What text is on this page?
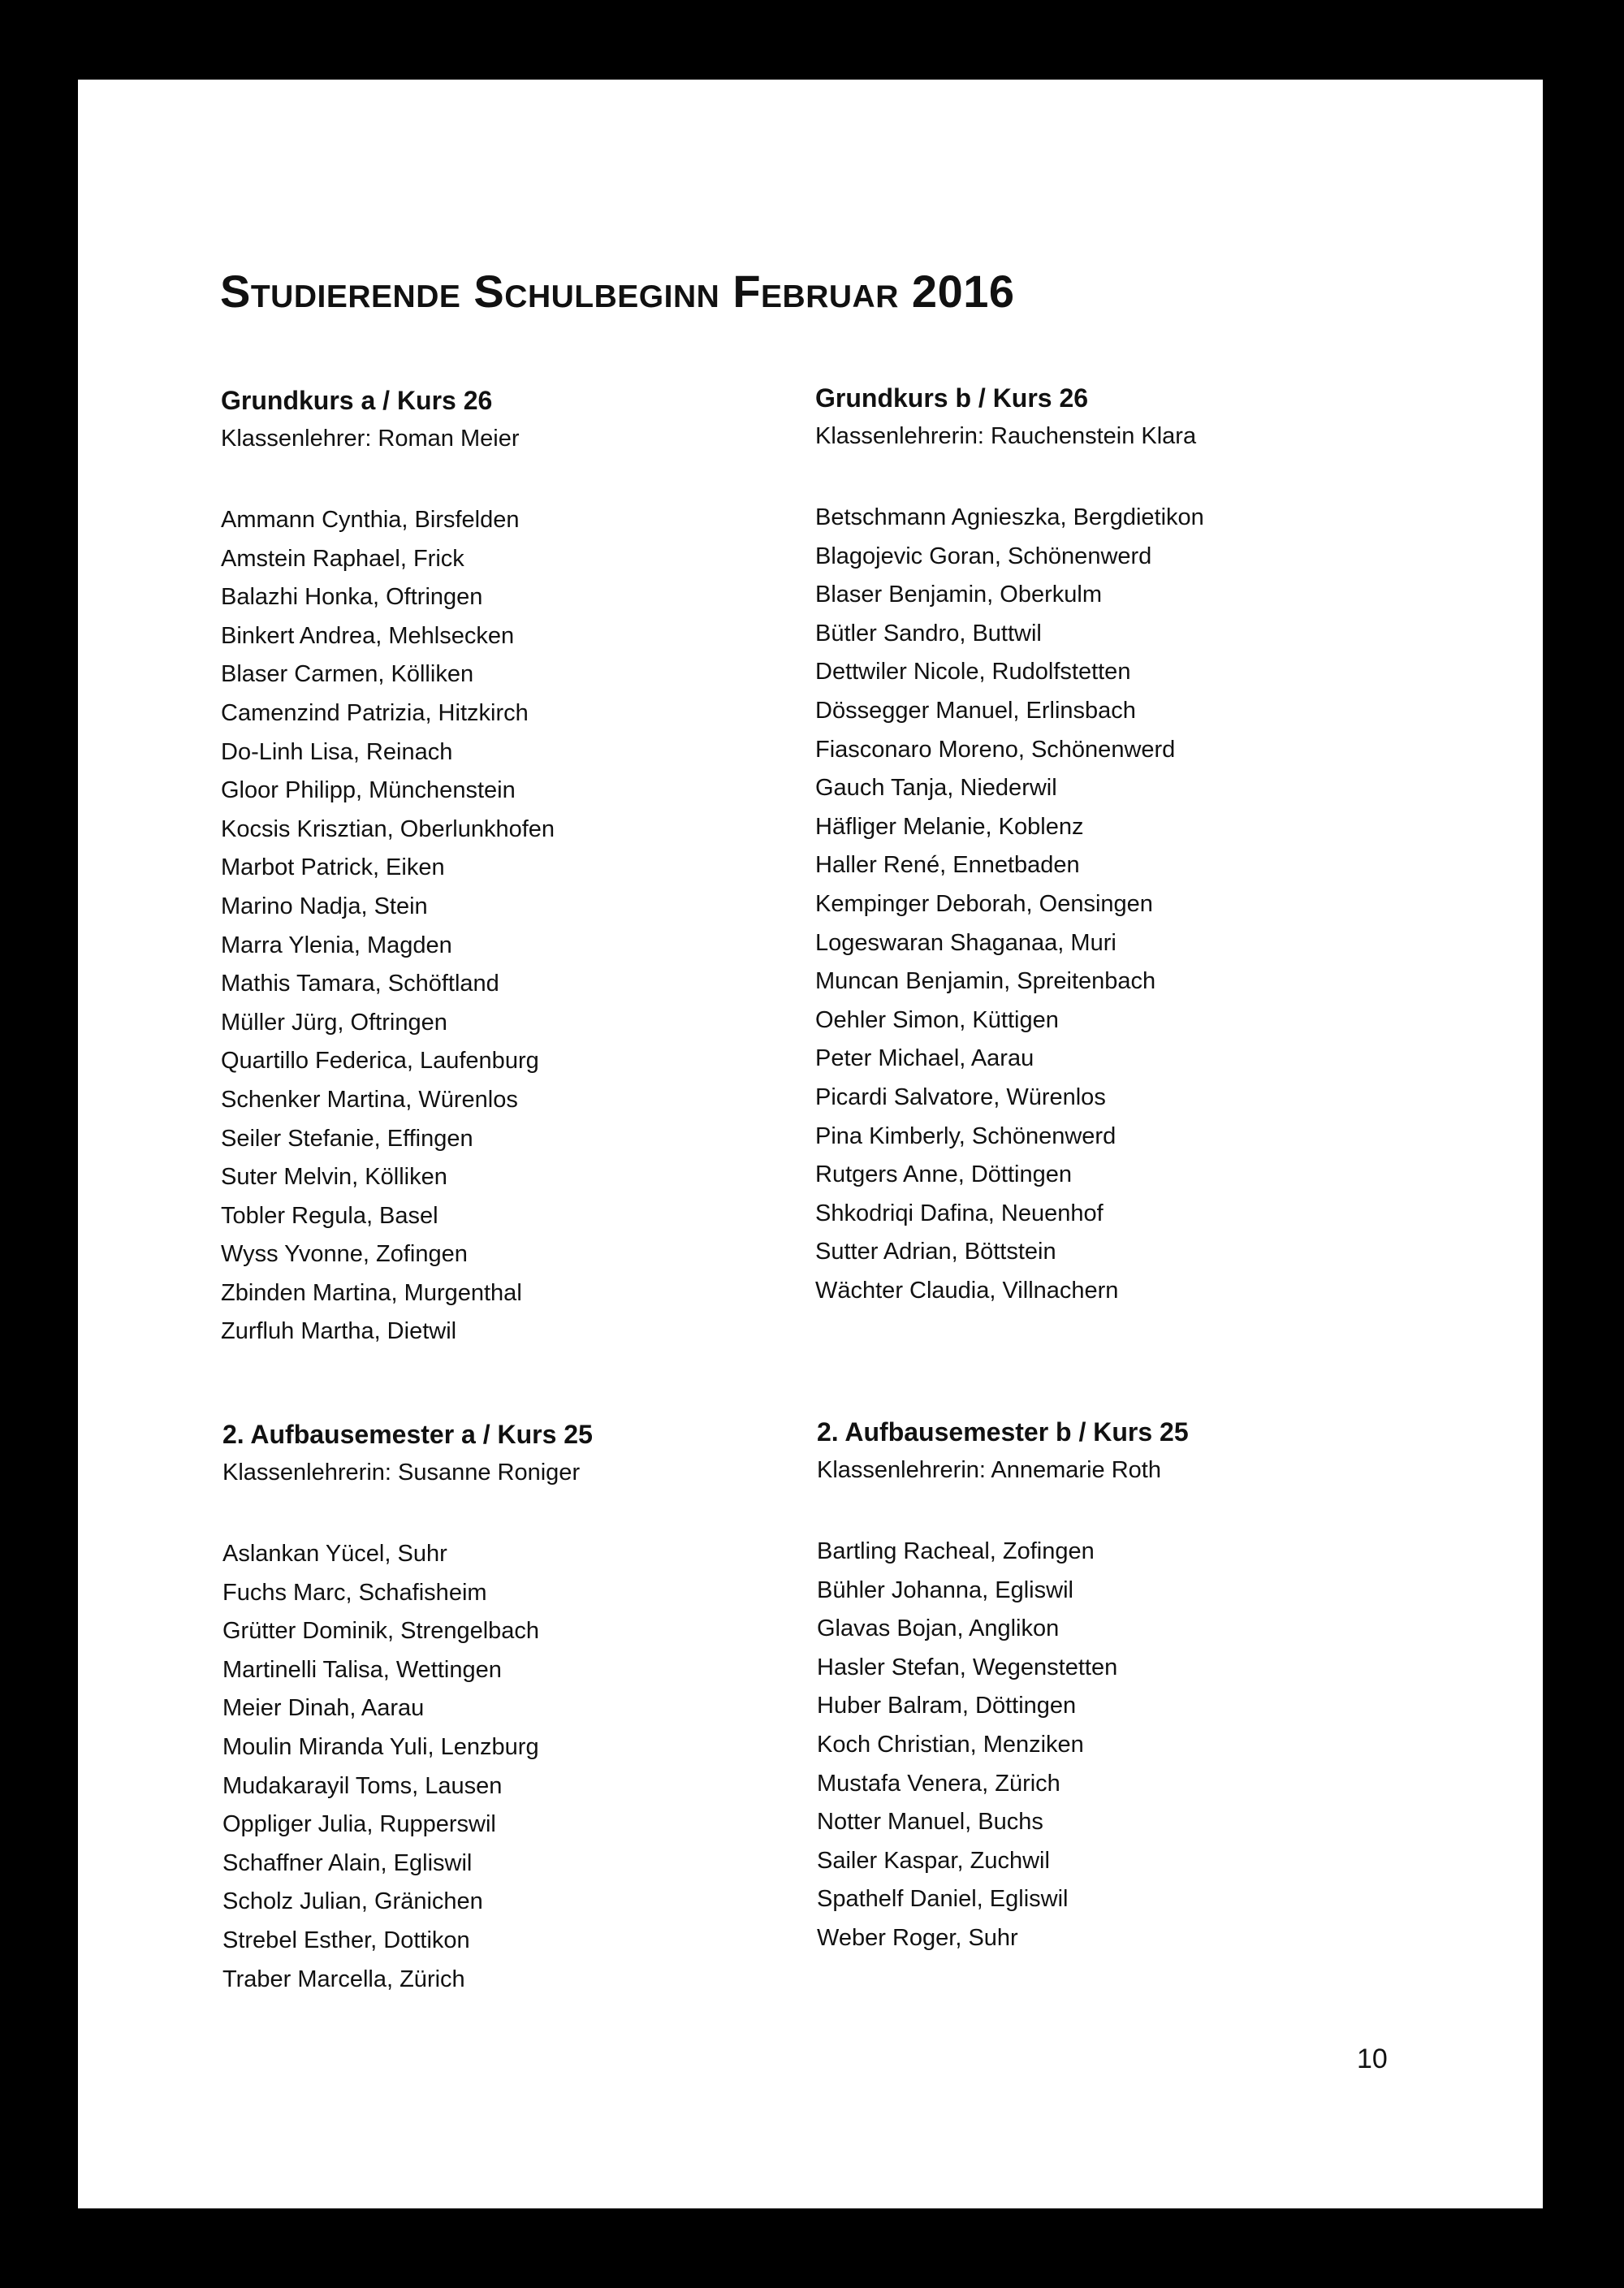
Studierende Schulbeginn Februar 2016
Grundkurs a / Kurs 26
Klassenlehrer: Roman Meier
Ammann Cynthia, Birsfelden
Amstein Raphael, Frick
Balazhi Honka, Oftringen
Binkert Andrea, Mehlsecken
Blaser Carmen, Kölliken
Camenzind Patrizia, Hitzkirch
Do-Linh Lisa, Reinach
Gloor Philipp, Münchenstein
Kocsis Krisztian, Oberlunkhofen
Marbot Patrick, Eiken
Marino Nadja, Stein
Marra Ylenia, Magden
Mathis Tamara, Schöftland
Müller Jürg, Oftringen
Quartillo Federica, Laufenburg
Schenker Martina, Würenlos
Seiler Stefanie, Effingen
Suter Melvin, Kölliken
Tobler Regula, Basel
Wyss Yvonne, Zofingen
Zbinden Martina, Murgenthal
Zurfluh Martha, Dietwil
Grundkurs b / Kurs 26
Klassenlehrerin: Rauchenstein Klara
Betschmann Agnieszka, Bergdietikon
Blagojevic Goran, Schönenwerd
Blaser Benjamin, Oberkulm
Bütler Sandro, Buttwil
Dettwiler Nicole, Rudolfstetten
Dössegger Manuel, Erlinsbach
Fiasconaro Moreno, Schönenwerd
Gauch Tanja, Niederwil
Häfliger Melanie, Koblenz
Haller René, Ennetbaden
Kempinger Deborah, Oensingen
Logeswaran Shaganaa, Muri
Muncan Benjamin, Spreitenbach
Oehler Simon, Küttigen
Peter Michael, Aarau
Picardi Salvatore, Würenlos
Pina Kimberly, Schönenwerd
Rutgers Anne, Döttingen
Shkodriqi Dafina, Neuenhof
Sutter Adrian, Böttstein
Wächter Claudia, Villnachern
2. Aufbausemester a / Kurs 25
Klassenlehrerin: Susanne Roniger
Aslankan Yücel, Suhr
Fuchs Marc, Schafisheim
Grütter Dominik, Strengelbach
Martinelli Talisa, Wettingen
Meier Dinah, Aarau
Moulin Miranda Yuli, Lenzburg
Mudakarayil Toms, Lausen
Oppliger Julia, Rupperswil
Schaffner Alain, Egliswil
Scholz Julian, Gränichen
Strebel Esther, Dottikon
Traber Marcella, Zürich
2. Aufbausemester b / Kurs 25
Klassenlehrerin: Annemarie Roth
Bartling Racheal, Zofingen
Bühler Johanna, Egliswil
Glavas Bojan, Anglikon
Hasler Stefan, Wegenstetten
Huber Balram, Döttingen
Koch Christian, Menziken
Mustafa Venera, Zürich
Notter Manuel, Buchs
Sailer Kaspar, Zuchwil
Spathelf Daniel, Egliswil
Weber Roger, Suhr
10
